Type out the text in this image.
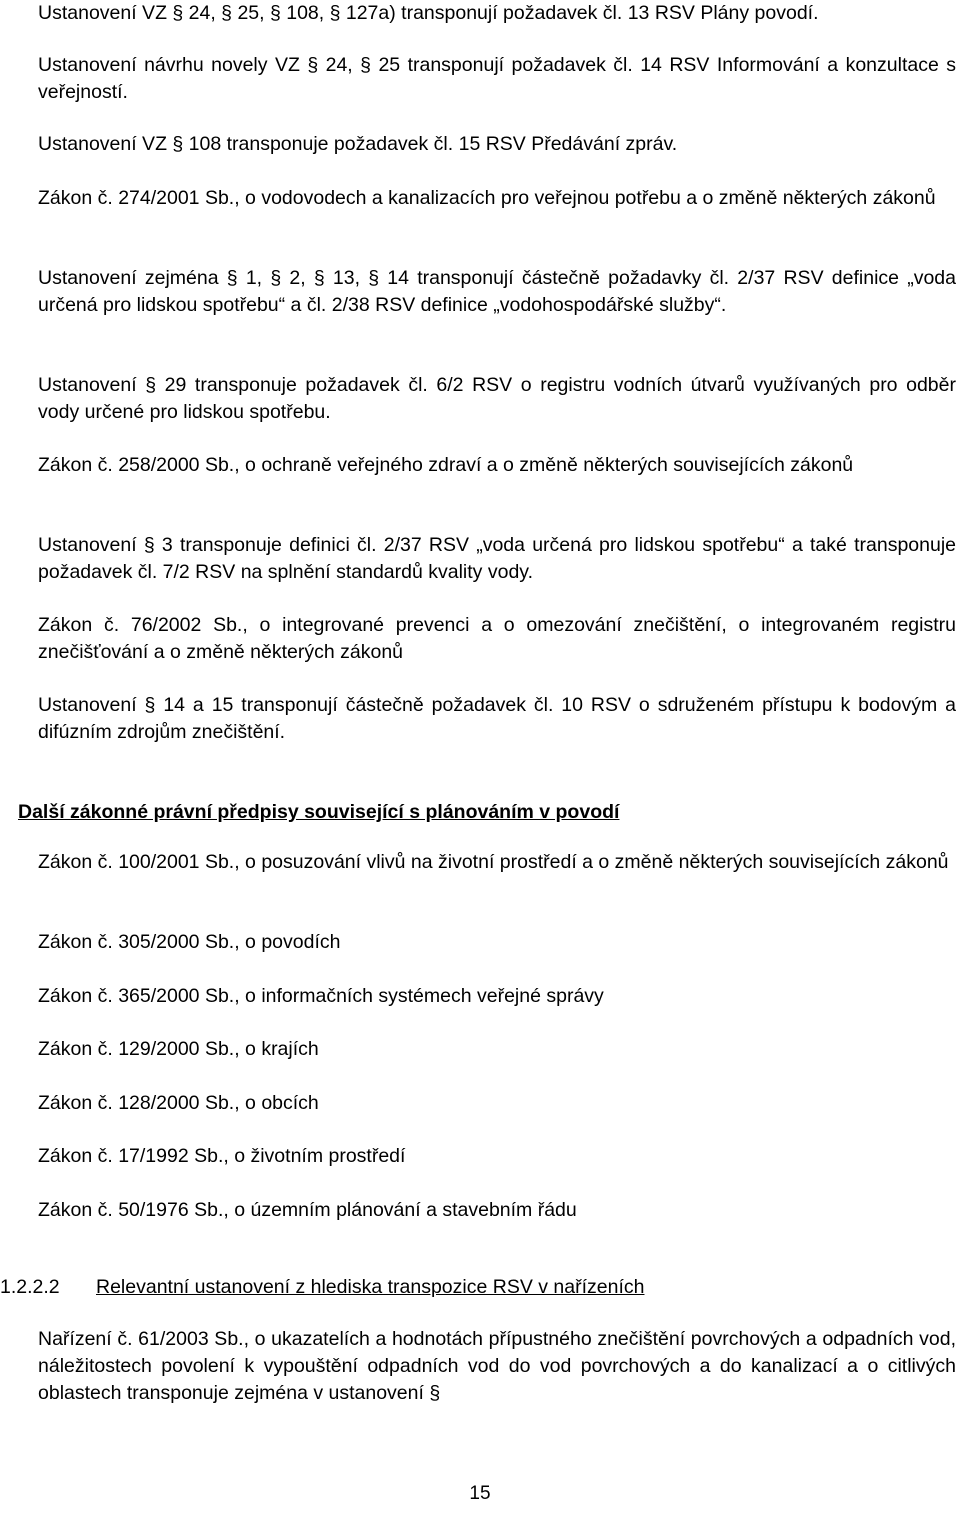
Ustanovení VZ § 24, § 25, § 108, § 127a) transponují požadavek čl. 13 RSV Plány povodí.

Ustanovení návrhu novely VZ § 24, § 25 transponují požadavek čl. 14 RSV Informování a konzultace s veřejností.

Ustanovení VZ § 108 transponuje požadavek čl. 15 RSV Předávání zpráv.

Zákon č. 274/2001 Sb., o vodovodech a kanalizacích pro veřejnou potřebu a o změně některých zákonů

Ustanovení zejména § 1, § 2, § 13, § 14 transponují částečně požadavky čl. 2/37 RSV definice „voda určená pro lidskou spotřebu“ a čl. 2/38 RSV definice „vodohospodářské služby“.

Ustanovení § 29 transponuje požadavek čl. 6/2 RSV o registru vodních útvarů využívaných pro odběr vody určené pro lidskou spotřebu.

Zákon č. 258/2000 Sb., o ochraně veřejného zdraví a o změně některých souvisejících zákonů

Ustanovení § 3 transponuje definici čl. 2/37 RSV „voda určená pro lidskou spotřebu“ a také transponuje požadavek čl. 7/2 RSV na splnění standardů kvality vody.

Zákon č. 76/2002 Sb., o integrované prevenci a o omezování znečištění, o integrovaném registru znečišťování a o změně některých zákonů

Ustanovení § 14 a 15 transponují částečně požadavek čl. 10 RSV o sdruženém přístupu k bodovým a difúzním zdrojům znečištění.

Další zákonné právní předpisy související s plánováním v povodí

Zákon č. 100/2001 Sb., o posuzování vlivů na životní prostředí a o změně některých souvisejících zákonů

Zákon č. 305/2000 Sb., o povodích

Zákon č. 365/2000 Sb., o informačních systémech veřejné správy

Zákon č. 129/2000 Sb., o krajích

Zákon č. 128/2000 Sb., o obcích

Zákon č. 17/1992 Sb., o životním prostředí

Zákon č. 50/1976 Sb., o územním plánování a stavebním řádu

1.2.2.2 Relevantní ustanovení z hlediska transpozice RSV v nařízeních

Nařízení č. 61/2003 Sb., o ukazatelích a hodnotách přípustného znečištění povrchových a odpadních vod, náležitostech povolení k vypouštění odpadních vod do vod povrchových a do kanalizací a o citlivých oblastech transponuje zejména v ustanovení §

15
